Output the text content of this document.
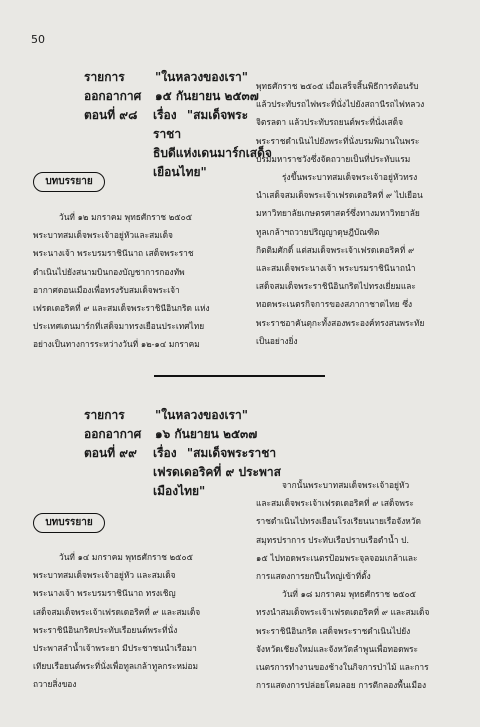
50
รายการ
ออกอากาศ
ตอนที่ ๙๘
"ในหลวงของเรา"
๑๕ กันยายน ๒๕๓๗
เรื่อง "สมเด็จพระราชา
ธิบดีแห่งเดนมาร์กเสด็จ
เยือนไทย"
บทบรรยาย
วันที่ ๑๒ มกราคม พุทธศักราช ๒๕๐๕
พระบาทสมเด็จพระเจ้าอยู่หัวและสมเด็จ
พระนางเจ้า พระบรมราชินีนาถ เสด็จพระราช
ดำเนินไปยังสนามบินกองบัญชาการกองทัพ
อากาศดอนเมืองเพื่อทรงรับสมเด็จพระเจ้า
เฟรดเดอริคที่ ๙ และสมเด็จพระราชินีอินกริด แห่ง
ประเทศเดนมาร์กที่เสด็จมาทรงเยือนประเทศไทย
อย่างเป็นทางการระหว่างวันที่ ๑๒-๑๔ มกราคม
พุทธศักราช ๒๕๐๕ เมื่อเสร็จสิ้นพิธีการต้อนรับ
แล้วประทับรถไฟพระที่นั่งไปยังสถานีรถไฟหลวง
จิตรลดา แล้วประทับรถยนต์พระที่นั่งเสด็จ
พระราชดำเนินไปยังพระที่นั่งบรมพิมานในพระ
บรมมหาราชวังซึ่งจัดถวายเป็นที่ประทับแรม
รุ่งขึ้นพระบาทสมเด็จพระเจ้าอยู่หัวทรง
นำเสด็จสมเด็จพระเจ้าเฟรดเดอริคที่ ๙ ไปเยือน
มหาวิทยาลัยเกษตรศาสตร์ซึ่งทางมหาวิทยาลัย
ทูลเกล้าฯถวายปริญญาดุษฎีบัณฑิต
กิตติมศักดิ์ แต่สมเด็จพระเจ้าเฟรดเดอริคที่ ๙
และสมเด็จพระนางเจ้า พระบรมราชินีนาถนำ
เสด็จสมเด็จพระราชินีอินกริดไปทรงเยี่ยมและ
ทอดพระเนตรกิจการของสภากาชาดไทย ซึ่ง
พระราชอาคันตุกะทั้งสองพระองค์ทรงสนพระทัย
เป็นอย่างยิ่ง
รายการ
ออกอากาศ
ตอนที่ ๙๙
"ในหลวงของเรา"
๑๖ กันยายน ๒๕๓๗
เรื่อง "สมเด็จพระราชา
เฟรดเดอริคที่ ๙ ประพาส
เมืองไทย"
บทบรรยาย
วันที่ ๑๔ มกราคม พุทธศักราช ๒๕๐๕
พระบาทสมเด็จพระเจ้าอยู่หัว และสมเด็จ
พระนางเจ้า พระบรมราชินีนาถ ทรงเชิญ
เสด็จสมเด็จพระเจ้าเฟรดเดอริคที่ ๙ และสมเด็จ
พระราชินีอินกริดประทับเรือยนต์พระที่นั่ง
ประพาสลำน้ำเจ้าพระยา มีประชาชนนำเรือมา
เทียบเรือยนต์พระที่นั่งเพื่อทูลเกล้าทูลกระหม่อม
ถวายสิ่งของ
จากนั้นพระบาทสมเด็จพระเจ้าอยู่หัว
และสมเด็จพระเจ้าเฟรดเดอริคที่ ๙ เสด็จพระ
ราชดำเนินไปทรงเยือนโรงเรียนนายเรือจังหวัด
สมุทรปราการ ประทับเรือปราบเรือดำน้ำ ป.
๑๕ ไปทอดพระเนตรป้อมพระจุลจอมเกล้าและ
การแสดงการยกปืนใหญ่เข้าที่ตั้ง
วันที่ ๑๘ มกราคม พุทธศักราช ๒๕๐๕
ทรงนำสมเด็จพระเจ้าเฟรดเดอริคที่ ๙ และสมเด็จ
พระราชินีอินกริด เสด็จพระราชดำเนินไปยัง
จังหวัดเชียงใหม่และจังหวัดลำพูนเพื่อทอดพระ
เนตรการทำงานของช้างในกิจการป่าไม้ และการ
การแสดงการปล่อยโคมลอย การตีกลองพื้นเมือง
